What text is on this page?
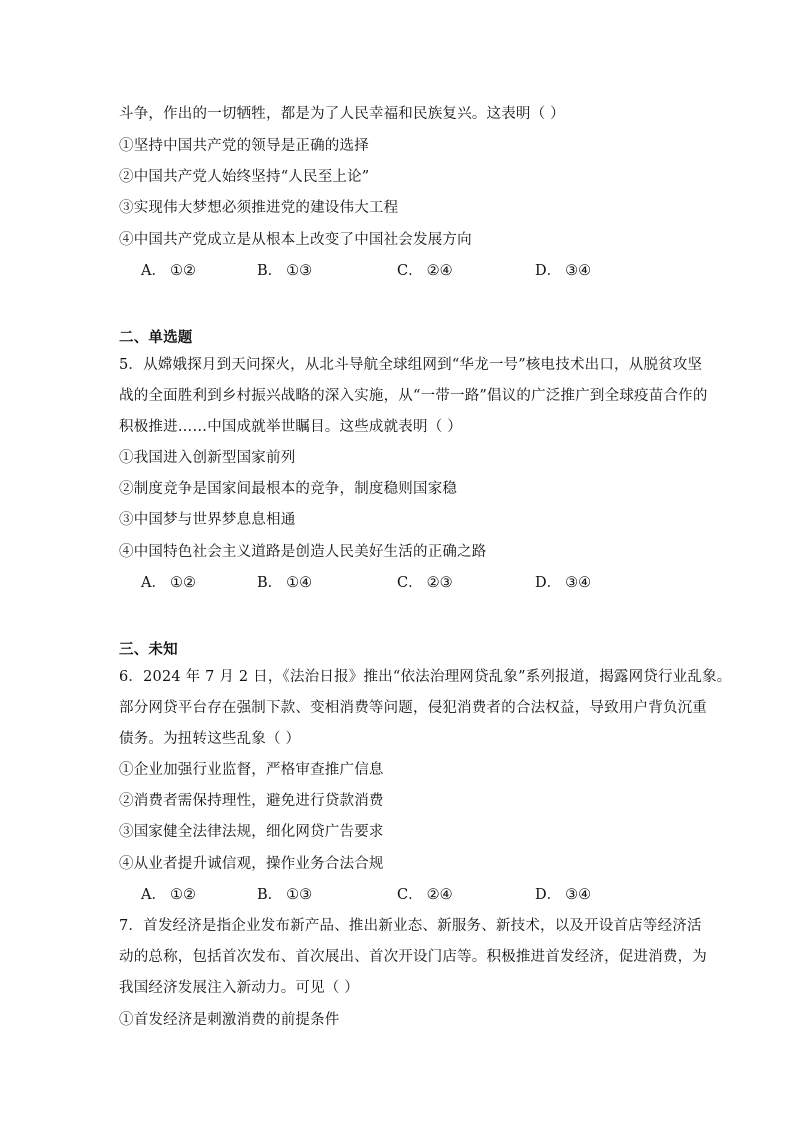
斗争，作出的一切牺牲，都是为了人民幸福和民族复兴。这表明（ ）
①坚持中国共产党的领导是正确的选择
②中国共产党人始终坚持“人民至上论”
③实现伟大梦想必须推进党的建设伟大工程
④中国共产党成立是从根本上改变了中国社会发展方向
A． ①②	B． ①③	C． ②④	D． ③④
二、单选题
5．从嫦娥探月到天问探火，从北斗导航全球组网到“华龙一号”核电技术出口，从脱贫攻坚
战的全面胜利到乡村振兴战略的深入实施，从“一带一路”倡议的广泛推广到全球疫苗合作的
积极推进……中国成就举世瞩目。这些成就表明（ ）
①我国进入创新型国家前列
②制度竞争是国家间最根本的竞争，制度稳则国家稳
③中国梦与世界梦息息相通
④中国特色社会主义道路是创造人民美好生活的正确之路
A． ①②	B． ①④	C． ②③	D． ③④
三、未知
6．2024 年 7 月 2 日，《法治日报》推出“依法治理网贷乱象”系列报道，揭露网贷行业乱象。
部分网贷平台存在强制下款、变相消费等问题，侵犯消费者的合法权益，导致用户背负沉重
债务。为扭转这些乱象（ ）
①企业加强行业监督，严格审查推广信息
②消费者需保持理性，避免进行贷款消费
③国家健全法律法规，细化网贷广告要求
④从业者提升诚信观，操作业务合法合规
A． ①②	B． ①③	C． ②④	D． ③④
7．首发经济是指企业发布新产品、推出新业态、新服务、新技术，以及开设首店等经济活
动的总称，包括首次发布、首次展出、首次开设门店等。积极推进首发经济，促进消费，为
我国经济发展注入新动力。可见（ ）
①首发经济是刺激消费的前提条件
